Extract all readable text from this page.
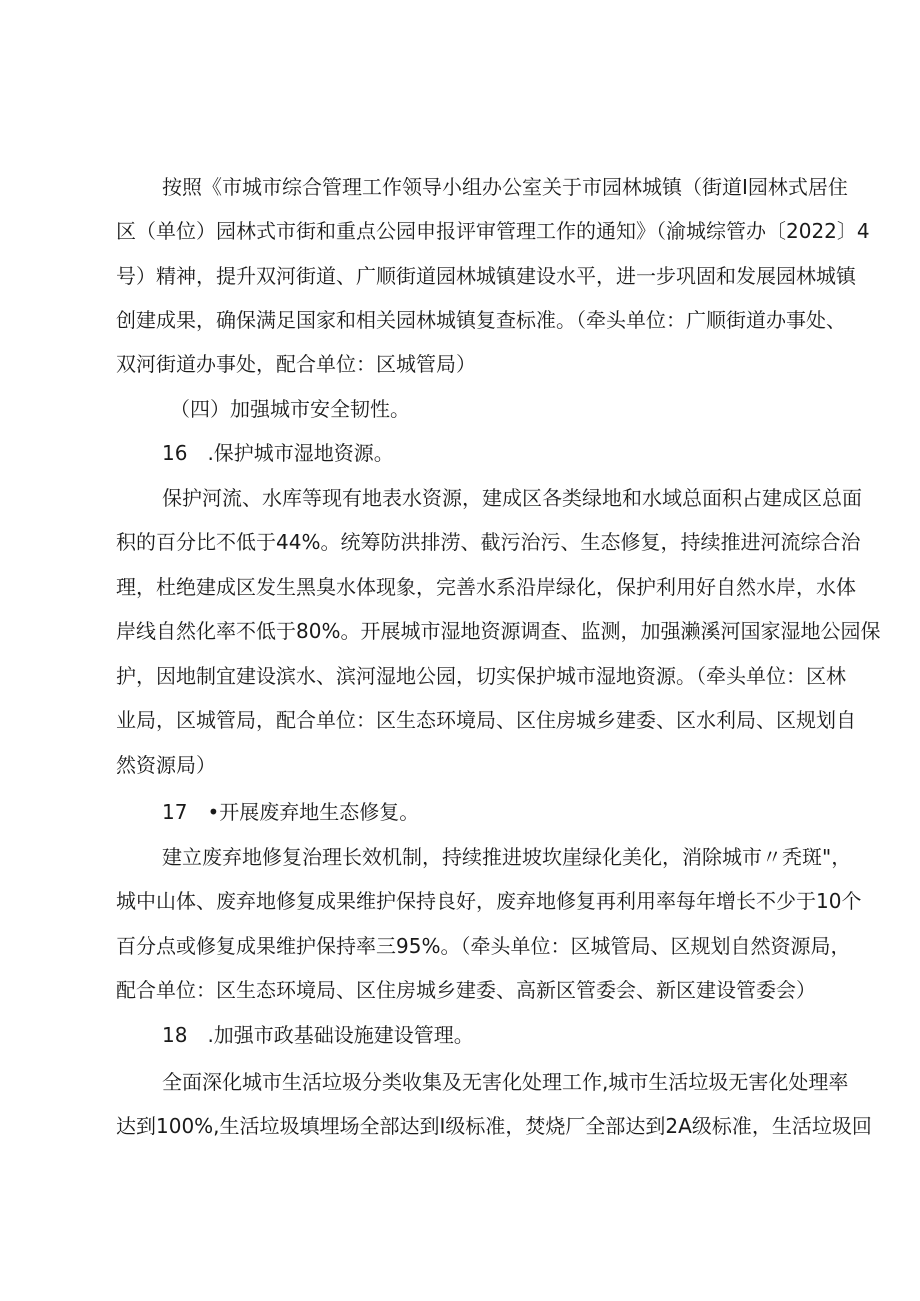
按照《市城市综合管理工作领导小组办公室关于市园林城镇（街道I园林式居住
区（单位）园林式市街和重点公园申报评审管理工作的通知》（渝城综管办〔2022〕4
号）精神，提升双河街道、广顺街道园林城镇建设水平，进一步巩固和发展园林城镇
创建成果，确保满足国家和相关园林城镇复查标准。（牵头单位：广顺街道办事处、
双河街道办事处，配合单位：区城管局）
（四）加强城市安全韧性。
16　.保护城市湿地资源。
保护河流、水库等现有地表水资源，建成区各类绿地和水域总面积占建成区总面
积的百分比不低于44%。统筹防洪排涝、截污治污、生态修复，持续推进河流综合治
理，杜绝建成区发生黑臭水体现象，完善水系沿岸绿化，保护利用好自然水岸，水体
岸线自然化率不低于80%。开展城市湿地资源调查、监测，加强濑溪河国家湿地公园保
护，因地制宜建设滨水、滨河湿地公园，切实保护城市湿地资源。（牵头单位：区林
业局，区城管局，配合单位：区生态环境局、区住房城乡建委、区水利局、区规划自
然资源局）
17　•开展废弃地生态修复。
建立废弃地修复治理长效机制，持续推进坡坎崖绿化美化，消除城市〃秃斑"，
城中山体、废弃地修复成果维护保持良好，废弃地修复再利用率每年增长不少于10个
百分点或修复成果维护保持率三95%。（牵头单位：区城管局、区规划自然资源局，
配合单位：区生态环境局、区住房城乡建委、高新区管委会、新区建设管委会）
18　.加强市政基础设施建设管理。
全面深化城市生活垃圾分类收集及无害化处理工作,城市生活垃圾无害化处理率
达到100%,生活垃圾填埋场全部达到I级标准，焚烧厂全部达到2A级标准，生活垃圾回
